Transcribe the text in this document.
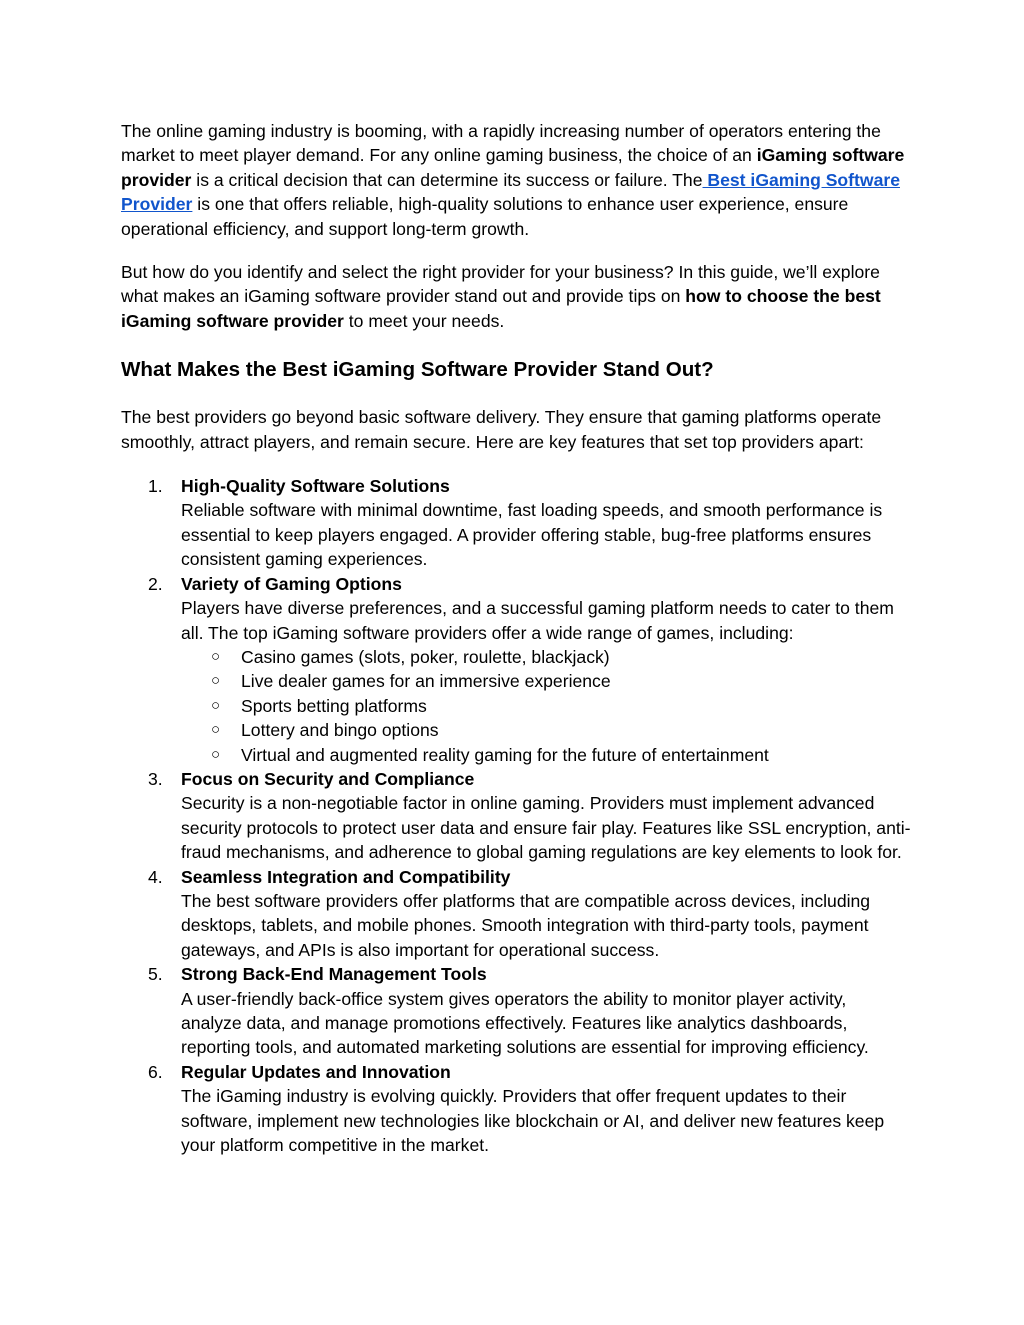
The online gaming industry is booming, with a rapidly increasing number of operators entering the market to meet player demand. For any online gaming business, the choice of an iGaming software provider is a critical decision that can determine its success or failure. The Best iGaming Software Provider is one that offers reliable, high-quality solutions to enhance user experience, ensure operational efficiency, and support long-term growth.

But how do you identify and select the right provider for your business? In this guide, we’ll explore what makes an iGaming software provider stand out and provide tips on how to choose the best iGaming software provider to meet your needs.

What Makes the Best iGaming Software Provider Stand Out?

The best providers go beyond basic software delivery. They ensure that gaming platforms operate smoothly, attract players, and remain secure. Here are key features that set top providers apart:

1. High-Quality Software Solutions
Reliable software with minimal downtime, fast loading speeds, and smooth performance is essential to keep players engaged. A provider offering stable, bug-free platforms ensures consistent gaming experiences.
2. Variety of Gaming Options
Players have diverse preferences, and a successful gaming platform needs to cater to them all. The top iGaming software providers offer a wide range of games, including:
○ Casino games (slots, poker, roulette, blackjack)
○ Live dealer games for an immersive experience
○ Sports betting platforms
○ Lottery and bingo options
○ Virtual and augmented reality gaming for the future of entertainment
3. Focus on Security and Compliance
Security is a non-negotiable factor in online gaming. Providers must implement advanced security protocols to protect user data and ensure fair play. Features like SSL encryption, anti-fraud mechanisms, and adherence to global gaming regulations are key elements to look for.
4. Seamless Integration and Compatibility
The best software providers offer platforms that are compatible across devices, including desktops, tablets, and mobile phones. Smooth integration with third-party tools, payment gateways, and APIs is also important for operational success.
5. Strong Back-End Management Tools
A user-friendly back-office system gives operators the ability to monitor player activity, analyze data, and manage promotions effectively. Features like analytics dashboards, reporting tools, and automated marketing solutions are essential for improving efficiency.
6. Regular Updates and Innovation
The iGaming industry is evolving quickly. Providers that offer frequent updates to their software, implement new technologies like blockchain or AI, and deliver new features keep your platform competitive in the market.
